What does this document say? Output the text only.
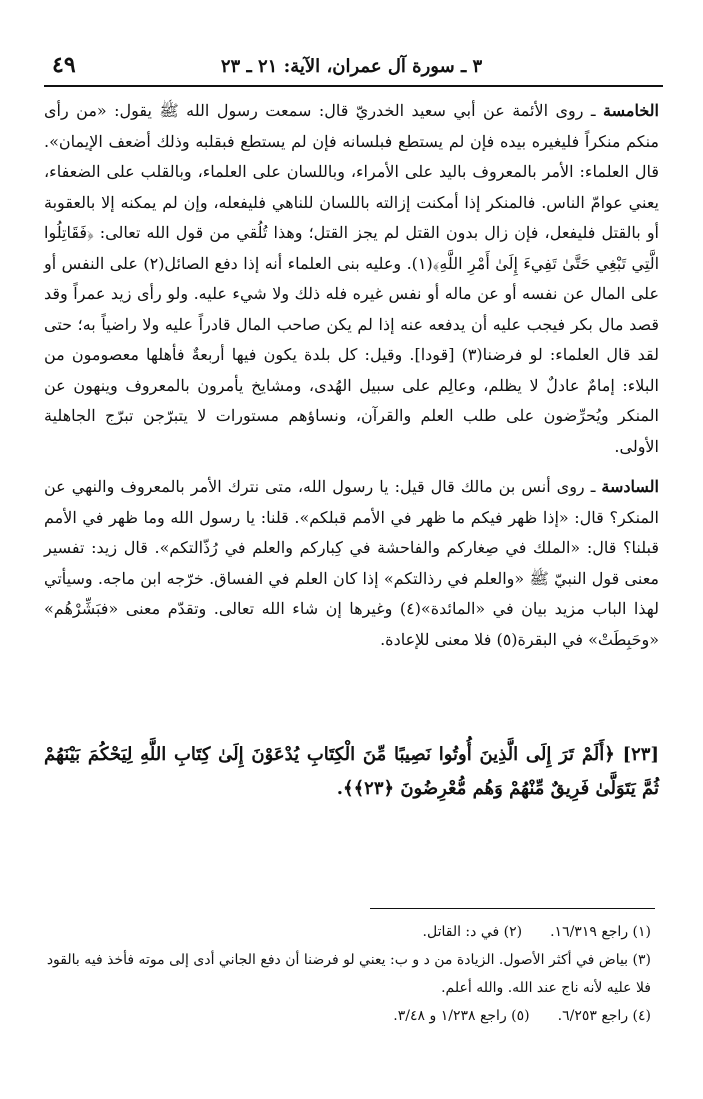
٤٩	٣ ـ سورة آل عمران، الآية: ٢١ ـ ٢٣

الخامسة ـ روى الأئمة عن أبي سعيد الخدريّ قال: سمعت رسول الله ﷺ يقول: «من رأى منكم منكراً فليغيره بيده فإن لم يستطع فبلسانه فإن لم يستطع فبقلبه وذلك أضعف الإيمان». قال العلماء: الأمر بالمعروف باليد على الأمراء، وباللسان على العلماء، وبالقلب على الضعفاء، يعني عوامّ الناس. فالمنكر إذا أمكنت إزالته باللسان للناهي فليفعله، وإن لم يمكنه إلا بالعقوبة أو بالقتل فليفعل، فإن زال بدون القتل لم يجز القتل؛ وهذا تُلُقي من قول الله تعالى: ﴿فَقَاتِلُوا الَّتِي تَبْغِي حَتَّىٰ تَفِيءَ إِلَىٰ أَمْرِ اللَّهِ﴾(١). وعليه بنى العلماء أنه إذا دفع الصائل(٢) على النفس أو على المال عن نفسه أو عن ماله أو نفس غيره فله ذلك ولا شيء عليه. ولو رأى زيد عمراً وقد قصد مال بكر فيجب عليه أن يدفعه عنه إذا لم يكن صاحب المال قادراً عليه ولا راضياً به؛ حتى لقد قال العلماء: لو فرضنا(٣) [قودا]. وقيل: كل بلدة يكون فيها أربعةٌ فأهلها معصومون من البلاء: إمامٌ عادلٌ لا يظلم، وعالِم على سبيل الهُدى، ومشايخ يأمرون بالمعروف وينهون عن المنكر ويُحرِّضون على طلب العلم والقرآن، ونساؤهم مستورات لا يتبرّجن تبرّج الجاهلية الأولى.

السادسة ـ روى أنس بن مالك قال قيل: يا رسول الله، متى نترك الأمر بالمعروف والنهي عن المنكر؟ قال: «إذا ظهر فيكم ما ظهر في الأمم قبلكم». قلنا: يا رسول الله وما ظهر في الأمم قبلنا؟ قال: «الملك في صِغاركم والفاحشة في كِباركم والعلم في رُذّالتكم». قال زيد: تفسير معنى قول النبيّ ﷺ «والعلم في رذالتكم» إذا كان العلم في الفساق. خرّجه ابن ماجه. وسيأتي لهذا الباب مزيد بيان في «المائدة»(٤) وغيرها إن شاء الله تعالى. وتقدّم معنى «فبَشِّرْهُم» «وحَبِطَتْ» في البقرة(٥) فلا معنى للإعادة.

[٢٣] ﴿أَلَمْ تَرَ إِلَى الَّذِينَ أُوتُوا نَصِيبًا مِّنَ الْكِتَابِ يُدْعَوْنَ إِلَىٰ كِتَابِ اللَّهِ لِيَحْكُمَ بَيْنَهُمْ ثُمَّ يَتَوَلَّىٰ فَرِيقٌ مِّنْهُمْ وَهُم مُّعْرِضُونَ ﴿٢٣﴾﴾.
(١) راجع ١٦/٣١٩.(٢) في د: القاتل.
(٣) بياض في أكثر الأصول. الزيادة من د و ب: يعني لو فرضنا أن دفع الجاني أدى إلى موته فأخذ فيه بالقود فلا عليه لأنه ناج عند الله. والله أعلم.
(٤) راجع ٦/٢٥٣.(٥) راجع ١/٢٣٨ و ٣/٤٨.
